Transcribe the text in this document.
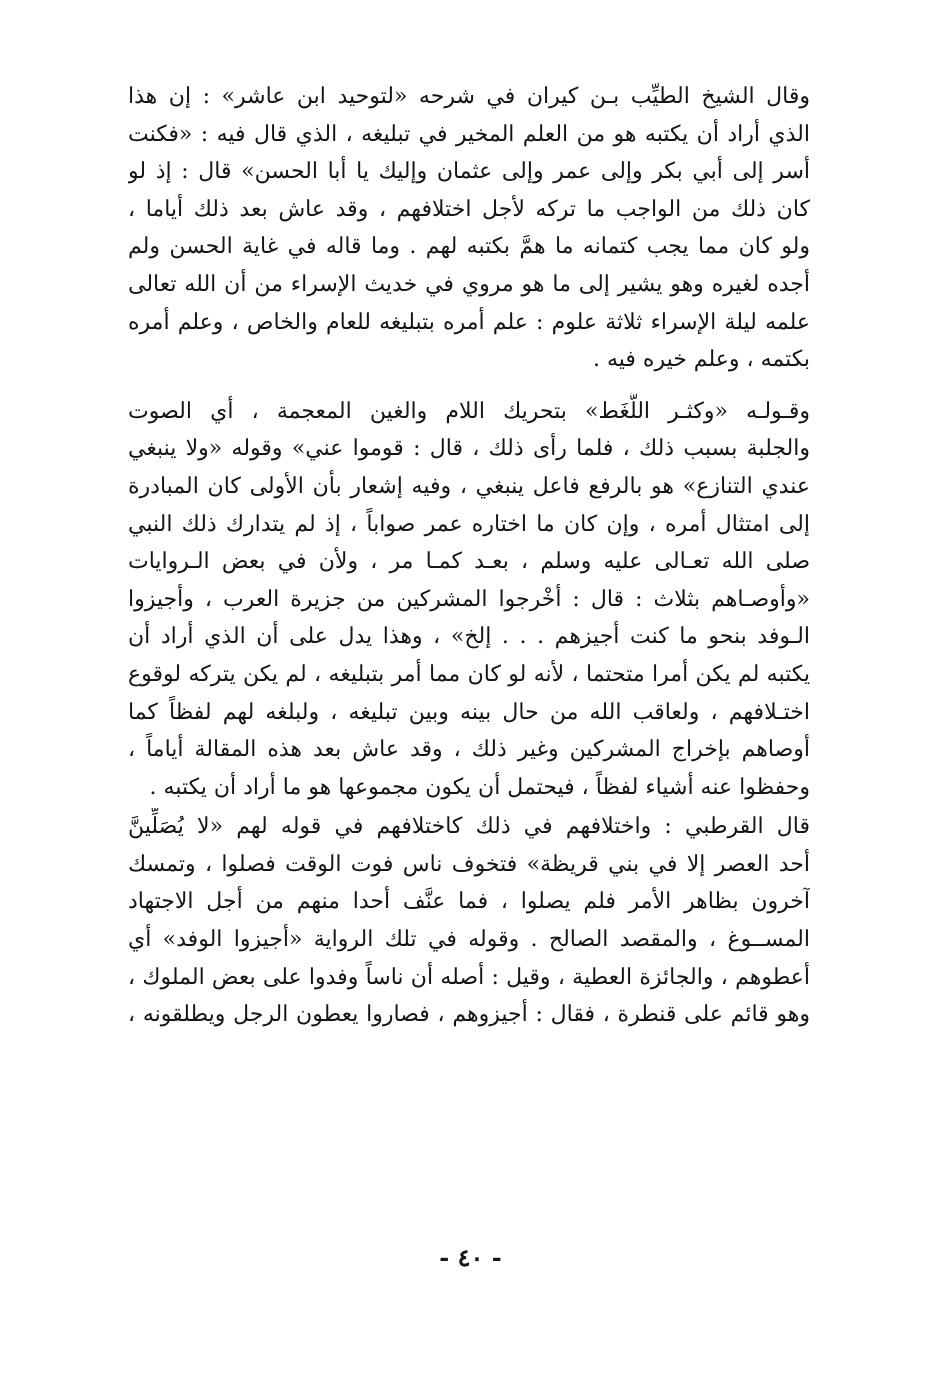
وقال الشيخ الطيِّب بـن كيران في شرحه «لتوحيد ابن عاشر» : إن هذا
الذي أراد أن يكتبه هو من العلم المخير في تبليغه ، الذي قال فيه : «فكنت
أسر إلى أبي بكر وإلى عمر وإلى عثمان وإليك يا أبا الحسن» قال : إذ لو
كان ذلك من الواجب ما تركه لأجل اختلافهم ، وقد عاش بعد ذلك أياما ،
ولو كان مما يجب كتمانه ما همَّ بكتبه لهم . وما قاله في غاية الحسن ولم
أجده لغيره وهو يشير إلى ما هو مروي في خديث الإسراء من أن الله تعالى
علمه ليلة الإسراء ثلاثة علوم : علم أمره بتبليغه للعام والخاص ، وعلم أمره
بكتمه ، وعلم خيره فيه .
وقـولـه «وكثـر اللَّغَط» بتحريك اللام والغين المعجمة ، أي الصوت
والجلبة بسبب ذلك ، فلما رأى ذلك ، قال : قوموا عني» وقوله «ولا ينبغي
عندي التنازع» هو بالرفع فاعل ينبغي ، وفيه إشعار بأن الأولى كان المبادرة
إلى امتثال أمره ، وإن كان ما اختاره عمر صواباً ، إذ لم يتدارك ذلك النبي
صلى الله تعـالى عليه وسلم ، بعـد كمـا مر ، ولأن في بعض الـروايات
«وأوصـاهم بثلاث : قال : أخْرجوا المشركين من جزيرة العرب ، وأجيزوا
الـوفد بنحو ما كنت أجيزهم . . . إلخ» ، وهذا يدل على أن الذي أراد أن
يكتبه لم يكن أمرا متحتما ، لأنه لو كان مما أمر بتبليغه ، لم يكن يتركه لوقوع
اختـلافهم ، ولعاقب الله من حال بينه وبين تبليغه ، ولبلغه لهم لفظاً كما
أوصاهم بإخراج المشركين وغير ذلك ، وقد عاش بعد هذه المقالة أياماً ،
وحفظوا عنه أشياء لفظاً ، فيحتمل أن يكون مجموعها هو ما أراد أن يكتبه .
قال القرطبي : واختلافهم في ذلك كاختلافهم في قوله لهم «لا يُصَلِّينَّ
أحد العصر إلا في بني قريظة» فتخوف ناس فوت الوقت فصلوا ، وتمسك
آخرون بظاهر الأمر فلم يصلوا ، فما عنَّف أحدا منهم من أجل الاجتهاد
المســوغ ، والمقصد الصالح . وقوله في تلك الرواية «أجيزوا الوفد» أي
أعطوهم ، والجائزة العطية ، وقيل : أصله أن ناساً وفدوا على بعض الملوك ،
وهو قائم على قنطرة ، فقال : أجيزوهم ، فصاروا يعطون الرجل ويطلقونه ،
- ٤٠ -
